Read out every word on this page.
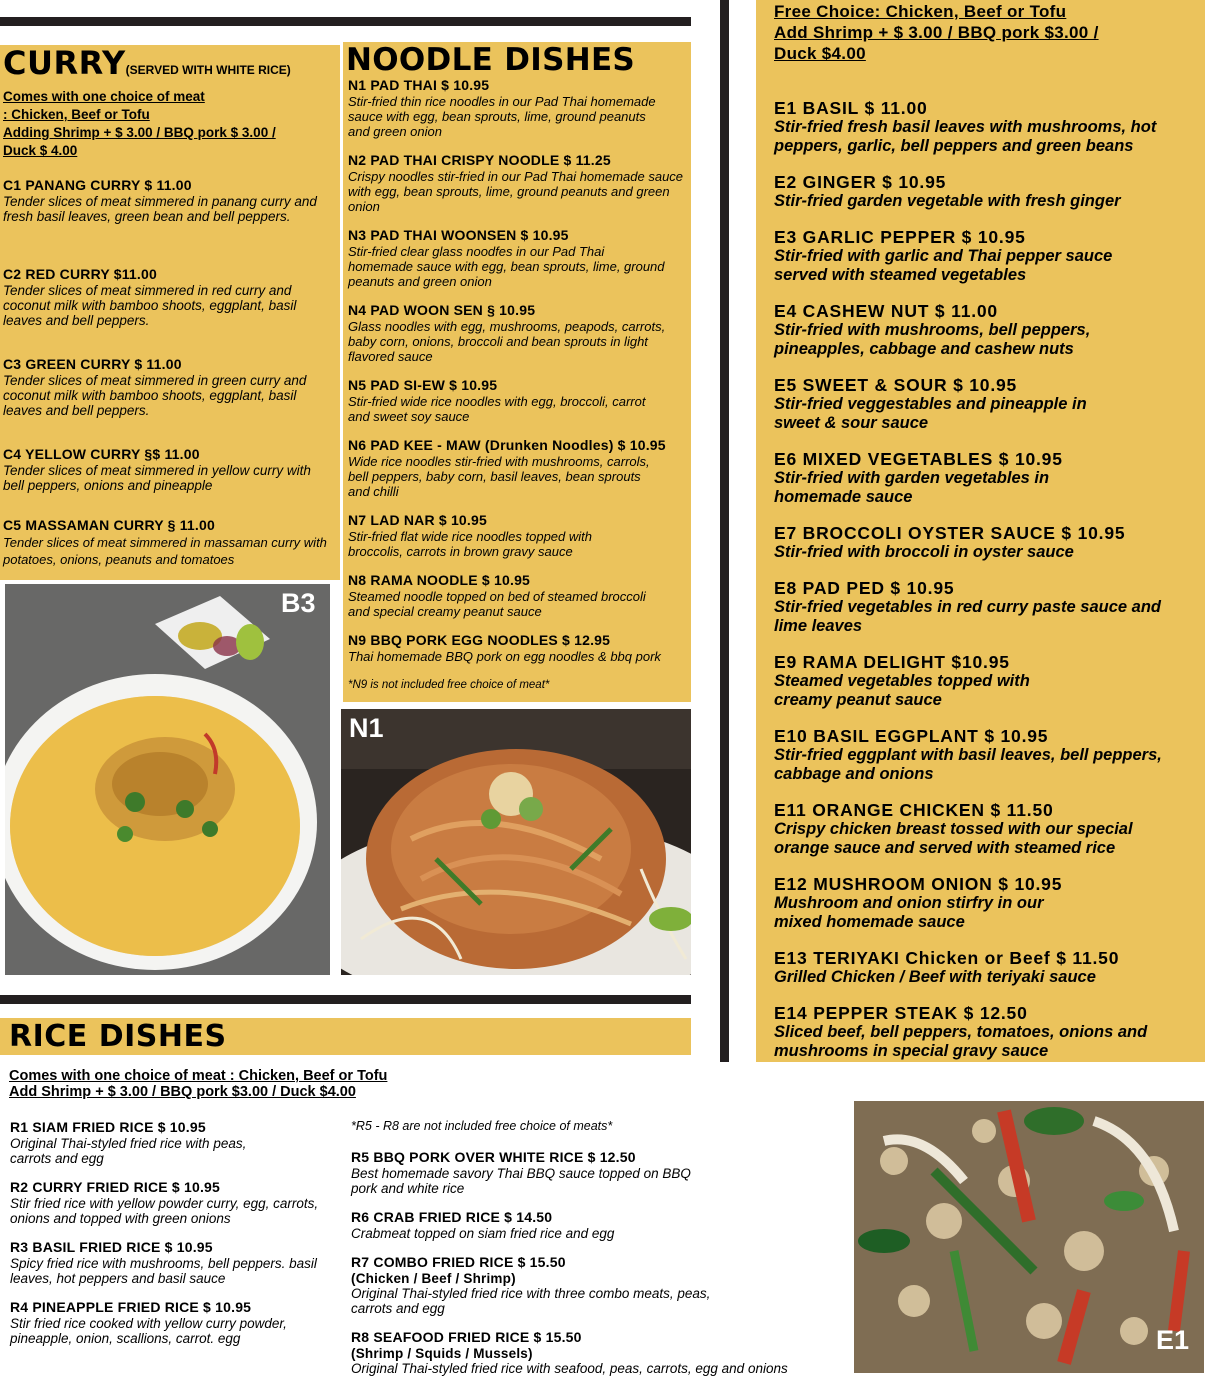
CURRY(SERVED WITH WHITE RICE)
Comes with one choice of meat
: Chicken, Beef or Tofu
Adding Shrimp + $ 3.00 / BBQ pork $ 3.00 /
Duck $ 4.00
C1 PANANG CURRY $ 11.00
Tender slices of meat simmered in panang curry and fresh basil leaves, green bean and bell peppers.
C2 RED CURRY $11.00
Tender slices of meat simmered in red curry and coconut milk with bamboo shoots, eggplant, basil leaves and bell peppers.
C3 GREEN CURRY $ 11.00
Tender slices of meat simmered in green curry and coconut milk with bamboo shoots, eggplant, basil leaves and bell peppers.
C4 YELLOW CURRY §$ 11.00
Tender slices of meat simmered in yellow curry with bell peppers, onions and pineapple
C5 MASSAMAN CURRY § 11.00
Tender slices of meat simmered in massaman curry with potatoes, onions, peanuts and tomatoes
B3
NOODLE DISHES
N1 PAD THAI $ 10.95
Stir-fried thin rice noodles in our Pad Thai homemade sauce with egg, bean sprouts, lime, ground peanuts and green onion
N2 PAD THAI CRISPY NOODLE $ 11.25
Crispy noodles stir-fried in our Pad Thai homemade sauce with egg, bean sprouts, lime, ground peanuts and green onion
N3 PAD THAI WOONSEN $ 10.95
Stir-fried clear glass noodfes in our Pad Thai homemade sauce with egg, bean sprouts, lime, ground peanuts and green onion
N4 PAD WOON SEN § 10.95
Glass noodles with egg, mushrooms, peapods, carrots, baby corn, onions, broccoli and bean sprouts in light flavored sauce
N5 PAD SI-EW $ 10.95
Stir-fried wide rice noodles with egg, broccoli, carrot and sweet soy sauce
N6 PAD KEE - MAW (Drunken Noodles) $ 10.95
Wide rice noodles stir-fried with mushrooms, carrols, bell peppers, baby corn, basil leaves, bean sprouts and chilli
N7 LAD NAR $ 10.95
Stir-fried flat wide rice noodles topped with broccolis, carrots in brown gravy sauce
N8 RAMA NOODLE $ 10.95
Steamed noodle topped on bed of steamed broccoli and special creamy peanut sauce
N9 BBQ PORK EGG NOODLES $ 12.95
Thai homemade BBQ pork on egg noodles & bbq pork
*N9 is not included free choice of meat*
N1
Free Choice: Chicken, Beef or Tofu
Add Shrimp + $ 3.00 / BBQ pork $3.00 /
Duck $4.00
E1 BASIL $ 11.00
Stir-fried fresh basil leaves with mushrooms, hot peppers, garlic, bell peppers and green beans
E2 GINGER $ 10.95
Stir-fried garden vegetable with fresh ginger
E3 GARLIC PEPPER $ 10.95
Stir-fried with garlic and Thai pepper sauce served with steamed vegetables
E4 CASHEW NUT $ 11.00
Stir-fried with mushrooms, bell peppers, pineapples, cabbage and cashew nuts
E5 SWEET & SOUR $ 10.95
Stir-fried veggestables and pineapple in sweet & sour sauce
E6 MIXED VEGETABLES $ 10.95
Stir-fried with garden vegetables in homemade sauce
E7 BROCCOLI OYSTER SAUCE $ 10.95
Stir-fried with broccoli in oyster sauce
E8 PAD PED $ 10.95
Stir-fried vegetables in red curry paste sauce and lime leaves
E9 RAMA DELIGHT $10.95
Steamed vegetables topped with creamy peanut sauce
E10 BASIL EGGPLANT $ 10.95
Stir-fried eggplant with basil leaves, bell peppers, cabbage and onions
E11 ORANGE CHICKEN $ 11.50
Crispy chicken breast tossed with our special orange sauce and served with steamed rice
E12 MUSHROOM ONION $ 10.95
Mushroom and onion stirfry in our mixed homemade sauce
E13 TERIYAKI Chicken or Beef $ 11.50
Grilled Chicken / Beef with teriyaki sauce
E14 PEPPER STEAK $ 12.50
Sliced beef, bell peppers, tomatoes, onions and mushrooms in special gravy sauce
RICE DISHES
Comes with one choice of meat : Chicken, Beef or Tofu
Add Shrimp + $ 3.00 / BBQ pork $3.00 / Duck $4.00
R1 SIAM FRIED RICE $ 10.95
Original Thai-styled fried rice with peas, carrots and egg
R2 CURRY FRIED RICE $ 10.95
Stir fried rice with yellow powder curry, egg, carrots, onions and topped with green onions
R3 BASIL FRIED RICE $ 10.95
Spicy fried rice with mushrooms, bell peppers. basil leaves, hot peppers and basil sauce
R4 PINEAPPLE FRIED RICE $ 10.95
Stir fried rice cooked with yellow curry powder, pineapple, onion, scallions, carrot. egg
*R5 - R8 are not included free choice of meats*
R5 BBQ PORK OVER WHITE RICE $ 12.50
Best homemade savory Thai BBQ sauce topped on BBQ pork and white rice
R6 CRAB FRIED RICE $ 14.50
Crabmeat topped on siam fried rice and egg
R7 COMBO FRIED RICE $ 15.50
(Chicken / Beef / Shrimp)
Original Thai-styled fried rice with three combo meats, peas, carrots and egg
R8 SEAFOOD FRIED RICE $ 15.50
(Shrimp / Squids / Mussels)
Original Thai-styled fried rice with seafood, peas, carrots, egg and onions
E1
